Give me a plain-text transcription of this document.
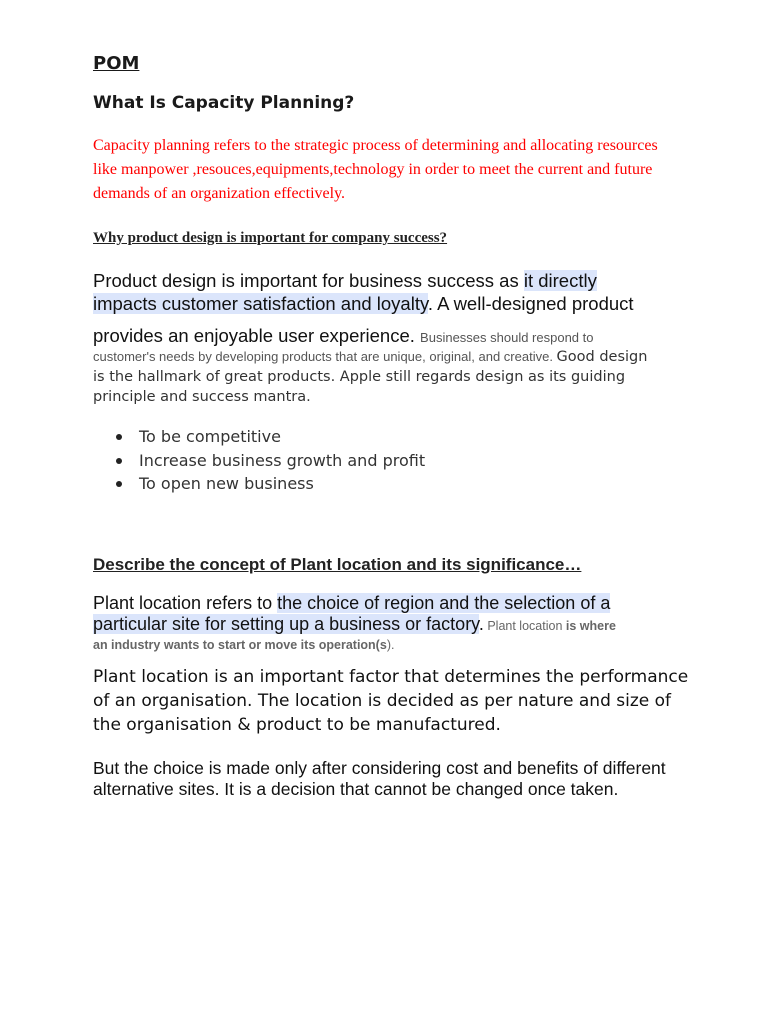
POM
What Is Capacity Planning?

Capacity planning refers to the strategic process of determining and allocating resources like manpower ,resouces,equipments,technology in order to meet the current and future demands of an organization effectively.

Why product design is important for company success?

Product design is important for business success as it directly

impacts customer satisfaction and loyalty. A well-designed product

provides an enjoyable user experience. Businesses should respond to

customer's needs by developing products that are unique, original, and creative. Good design
is the hallmark of great products. Apple still regards design as its guiding
principle and success mantra.
To be competitive
Increase business growth and profit
To open new business
Describe the concept of Plant location and its significance…

Plant location refers to the choice of region and the selection of a

particular site for setting up a business or factory. Plant location is where

an industry wants to start or move its operation(s).

Plant location is an important factor that determines the performance of an organisation. The location is decided as per nature and size of the organisation & product to be manufactured.

But the choice is made only after considering cost and benefits of different alternative sites. It is a decision that cannot be changed once taken.
